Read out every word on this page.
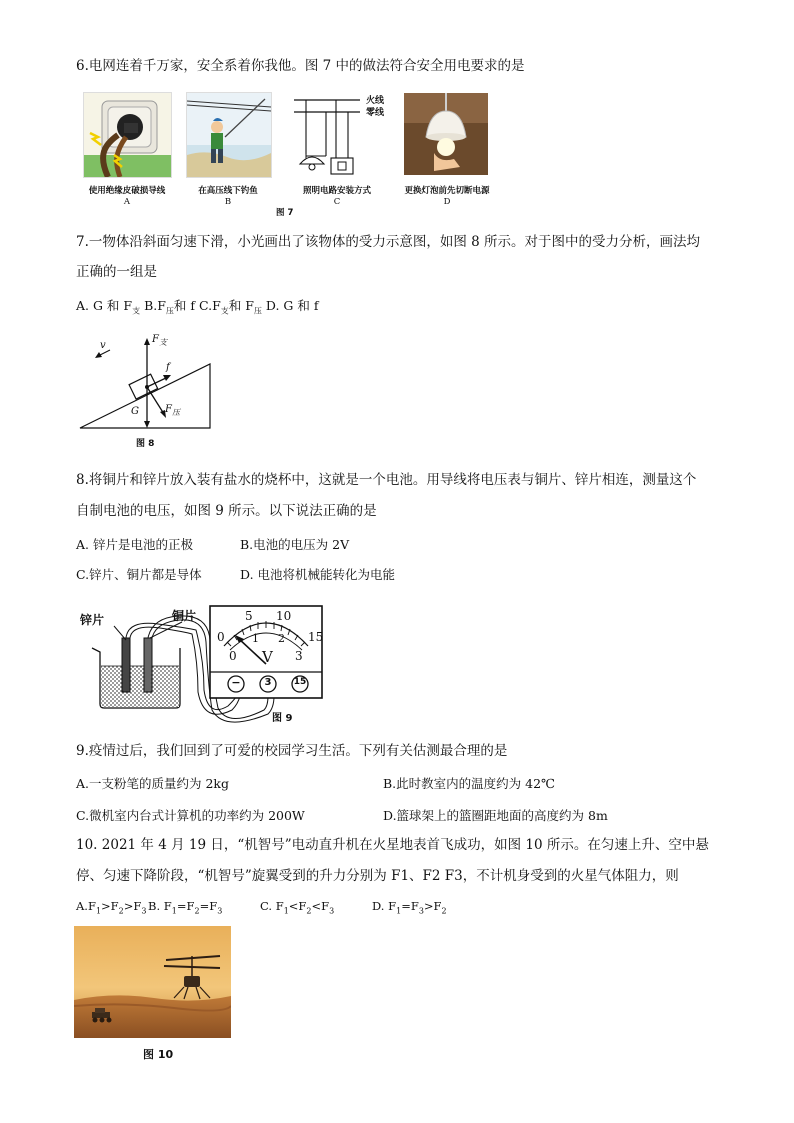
6.电网连着千万家，安全系着你我他。图 7 中的做法符合安全用电要求的是
使用绝缘皮破损导线
A
在高压线下钓鱼
B
火线
零线
照明电路安装方式
C
更换灯泡前先切断电源
D
图 7
7.一物体沿斜面匀速下滑，小光画出了该物体的受力示意图，如图 8 所示。对于图中的受力分析，画法均
正确的一组是
A. G 和 $F_支$ $B.F_压$和 f $C.F_支$和 $F_压$ D. G 和 f
v
$F_支$
f
G	$F_压$
图 8
8.将铜片和锌片放入装有盐水的烧杯中，这就是一个电池。用导线将电压表与铜片、锌片相连，测量这个
自制电池的电压，如图 9 所示。以下说法正确的是
A. 锌片是电池的正极	B.电池的电压为 2V
C.锌片、铜片都是导体	D. 电池将机械能转化为电能
锌片	铜片	5 10
0	15
1 2
0	3
V
−	3	15
图 9
9.疫情过后，我们回到了可爱的校园学习生活。下列有关估测最合理的是
A.一支粉笔的质量约为 2kg	B.此时教室内的温度约为 42℃
C.微机室内台式计算机的功率约为 200W	D.篮球架上的篮圈距地面的高度约为 8m
10. 2021 年 4 月 19 日，“机智号”电动直升机在火星地表首飞成功，如图 10 所示。在匀速上升、空中悬
停、匀速下降阶段，“机智号”旋翼受到的升力分别为 F1、F2 F3，不计机身受到的火星气体阻力，则
$A.F_1>F_2>F_3$ B. $F_1=F_2=F_3$	C. $F_1<F_2<F_3$	D. $F_1=F_3>F_2$
图 10
